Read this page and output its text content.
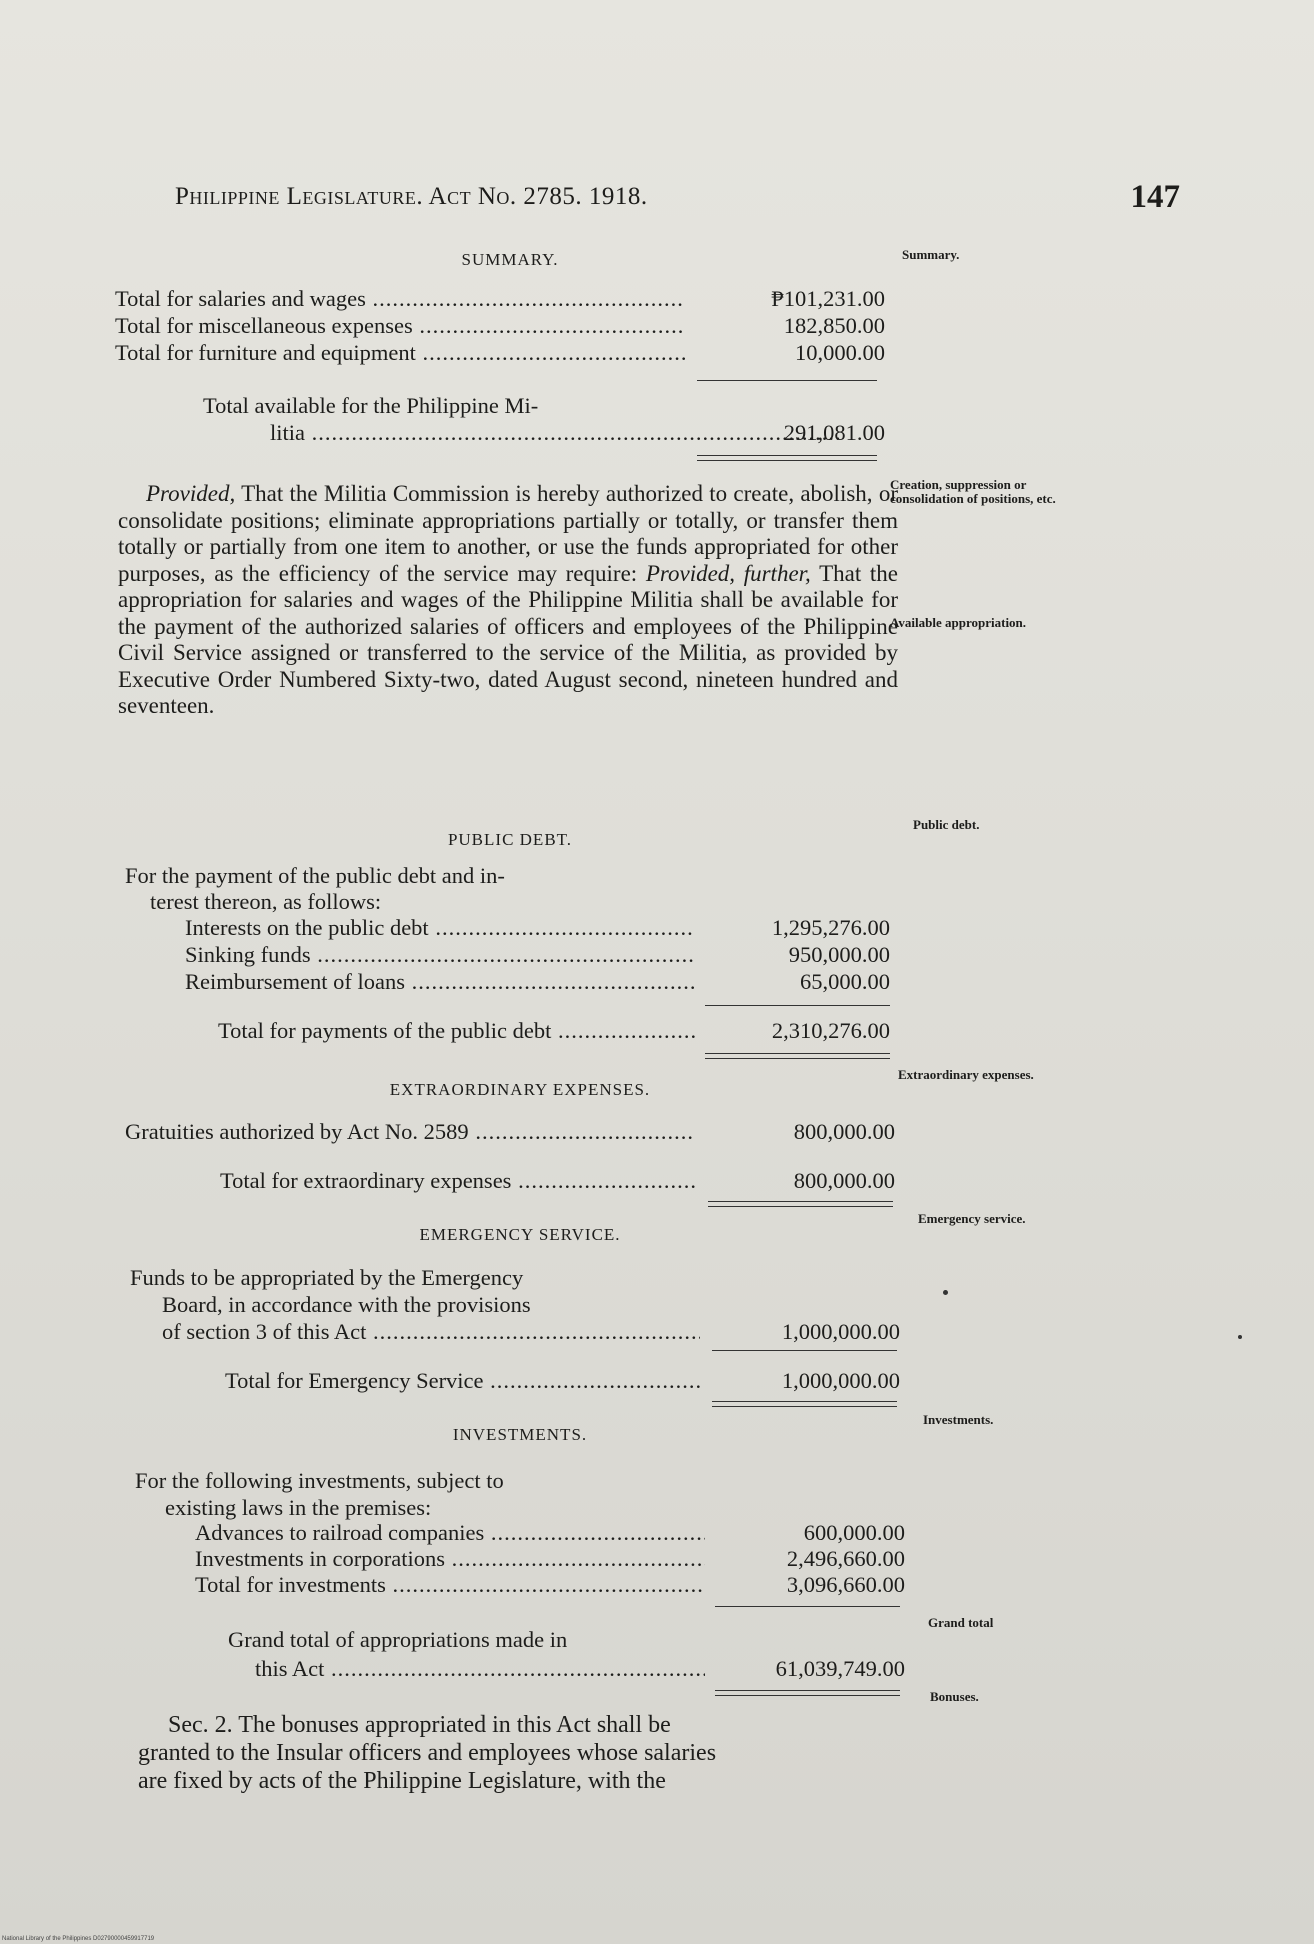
Philippine Legislature. Act No. 2785. 1918.	147
SUMMARY.	Summary.
Total for salaries and wages .....	₱101,231.00
Total for miscellaneous expenses .....	182,850.00
Total for furniture and equipment .....	10,000.00
Total available for the Philippine Mi-
litia .....	291,081.00

Provided, That the Militia Commission is hereby authorized to create, abolish, or consolidate positions; eliminate appropriations partially or totally, or transfer them totally or partially from one item to another, or use the funds appropriated for other purposes, as the efficiency of the service may require: Provided, further, That the appropriation for salaries and wages of the Philippine Militia shall be available for the payment of the authorized salaries of officers and employees of the Philippine Civil Service assigned or transferred to the service of the Militia, as provided by Executive Order Numbered Sixty-two, dated August second, nineteen hundred and seventeen.

Creation, suppression or consolidation of positions, etc.
Available appropriation.
PUBLIC DEBT.
Public debt.
For the payment of the public debt and in-
terest thereon, as follows:
Interests on the public debt .....	1,295,276.00
Sinking funds .....	950,000.00
Reimbursement of loans .....	65,000.00
Total for payments of the public debt .....	2,310,276.00
EXTRAORDINARY EXPENSES.
Extraordinary expenses.
Gratuities authorized by Act No. 2589 .....	800,000.00
Total for extraordinary expenses .....	800,000.00
EMERGENCY SERVICE.
Emergency service.
Funds to be appropriated by the Emergency
Board, in accordance with the provisions
of section 3 of this Act .....	1,000,000.00
Total for Emergency Service .....	1,000,000.00
INVESTMENTS.
Investments.
For the following investments, subject to
existing laws in the premises:
Advances to railroad companies .....	600,000.00
Investments in corporations .....	2,496,660.00
Total for investments .....	3,096,660.00
Grand total
Grand total of appropriations made in
this Act .....	61,039,749.00
Bonuses.
Sec. 2. The bonuses appropriated in this Act shall be
granted to the Insular officers and employees whose salaries
are fixed by acts of the Philippine Legislature, with the
National Library of the Philippines D02790000459917719
